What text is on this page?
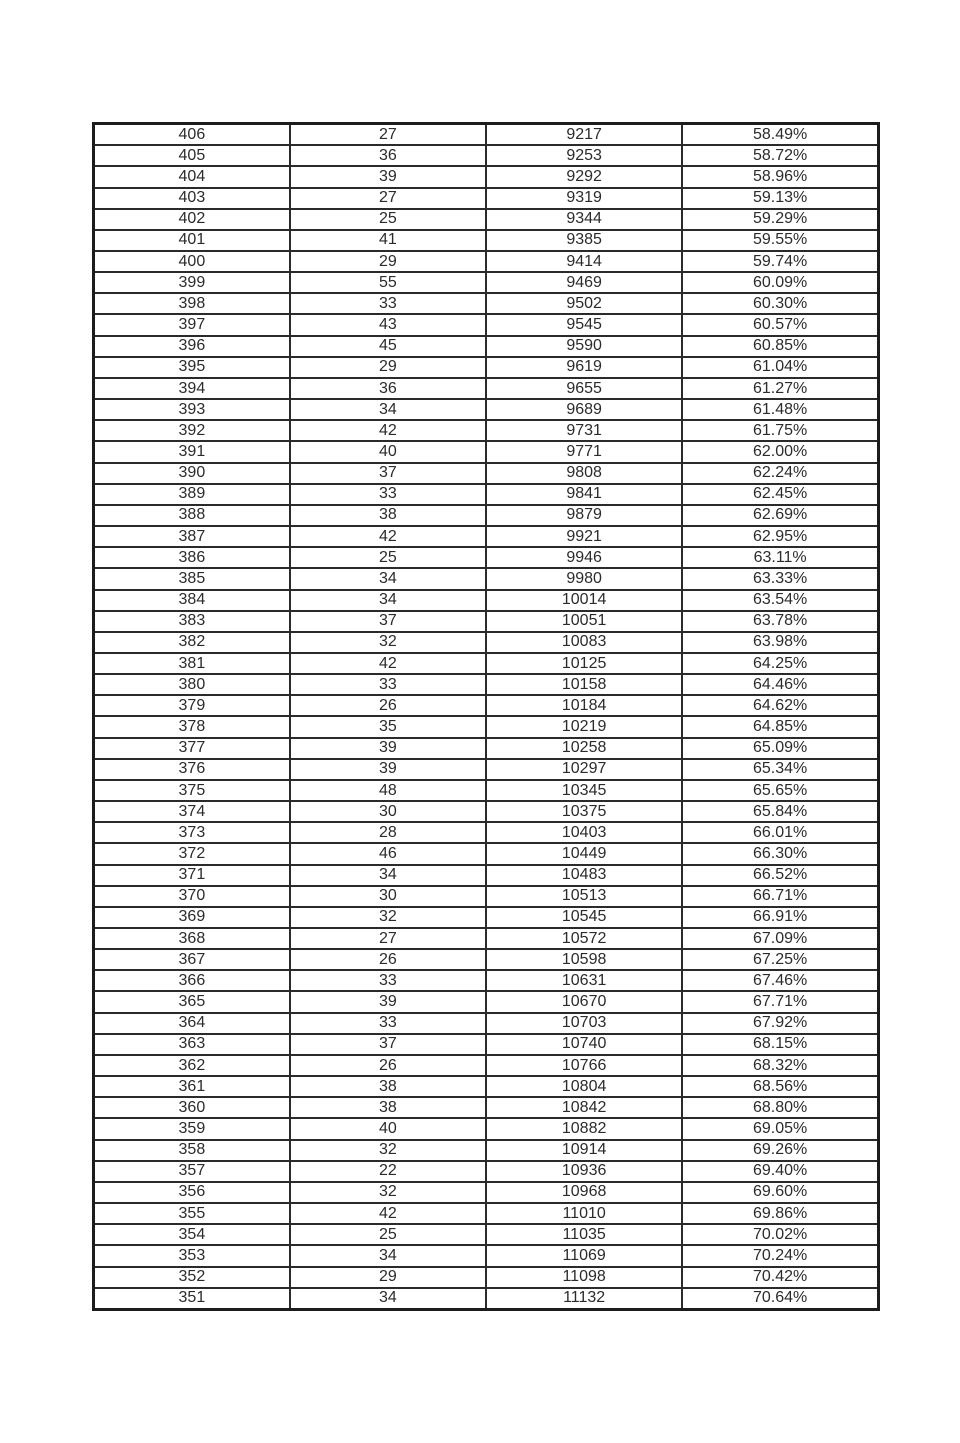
406	27	9217	58.49%
405	36	9253	58.72%
404	39	9292	58.96%
403	27	9319	59.13%
402	25	9344	59.29%
401	41	9385	59.55%
400	29	9414	59.74%
399	55	9469	60.09%
398	33	9502	60.30%
397	43	9545	60.57%
396	45	9590	60.85%
395	29	9619	61.04%
394	36	9655	61.27%
393	34	9689	61.48%
392	42	9731	61.75%
391	40	9771	62.00%
390	37	9808	62.24%
389	33	9841	62.45%
388	38	9879	62.69%
387	42	9921	62.95%
386	25	9946	63.11%
385	34	9980	63.33%
384	34	10014	63.54%
383	37	10051	63.78%
382	32	10083	63.98%
381	42	10125	64.25%
380	33	10158	64.46%
379	26	10184	64.62%
378	35	10219	64.85%
377	39	10258	65.09%
376	39	10297	65.34%
375	48	10345	65.65%
374	30	10375	65.84%
373	28	10403	66.01%
372	46	10449	66.30%
371	34	10483	66.52%
370	30	10513	66.71%
369	32	10545	66.91%
368	27	10572	67.09%
367	26	10598	67.25%
366	33	10631	67.46%
365	39	10670	67.71%
364	33	10703	67.92%
363	37	10740	68.15%
362	26	10766	68.32%
361	38	10804	68.56%
360	38	10842	68.80%
359	40	10882	69.05%
358	32	10914	69.26%
357	22	10936	69.40%
356	32	10968	69.60%
355	42	11010	69.86%
354	25	11035	70.02%
353	34	11069	70.24%
352	29	11098	70.42%
351	34	11132	70.64%
